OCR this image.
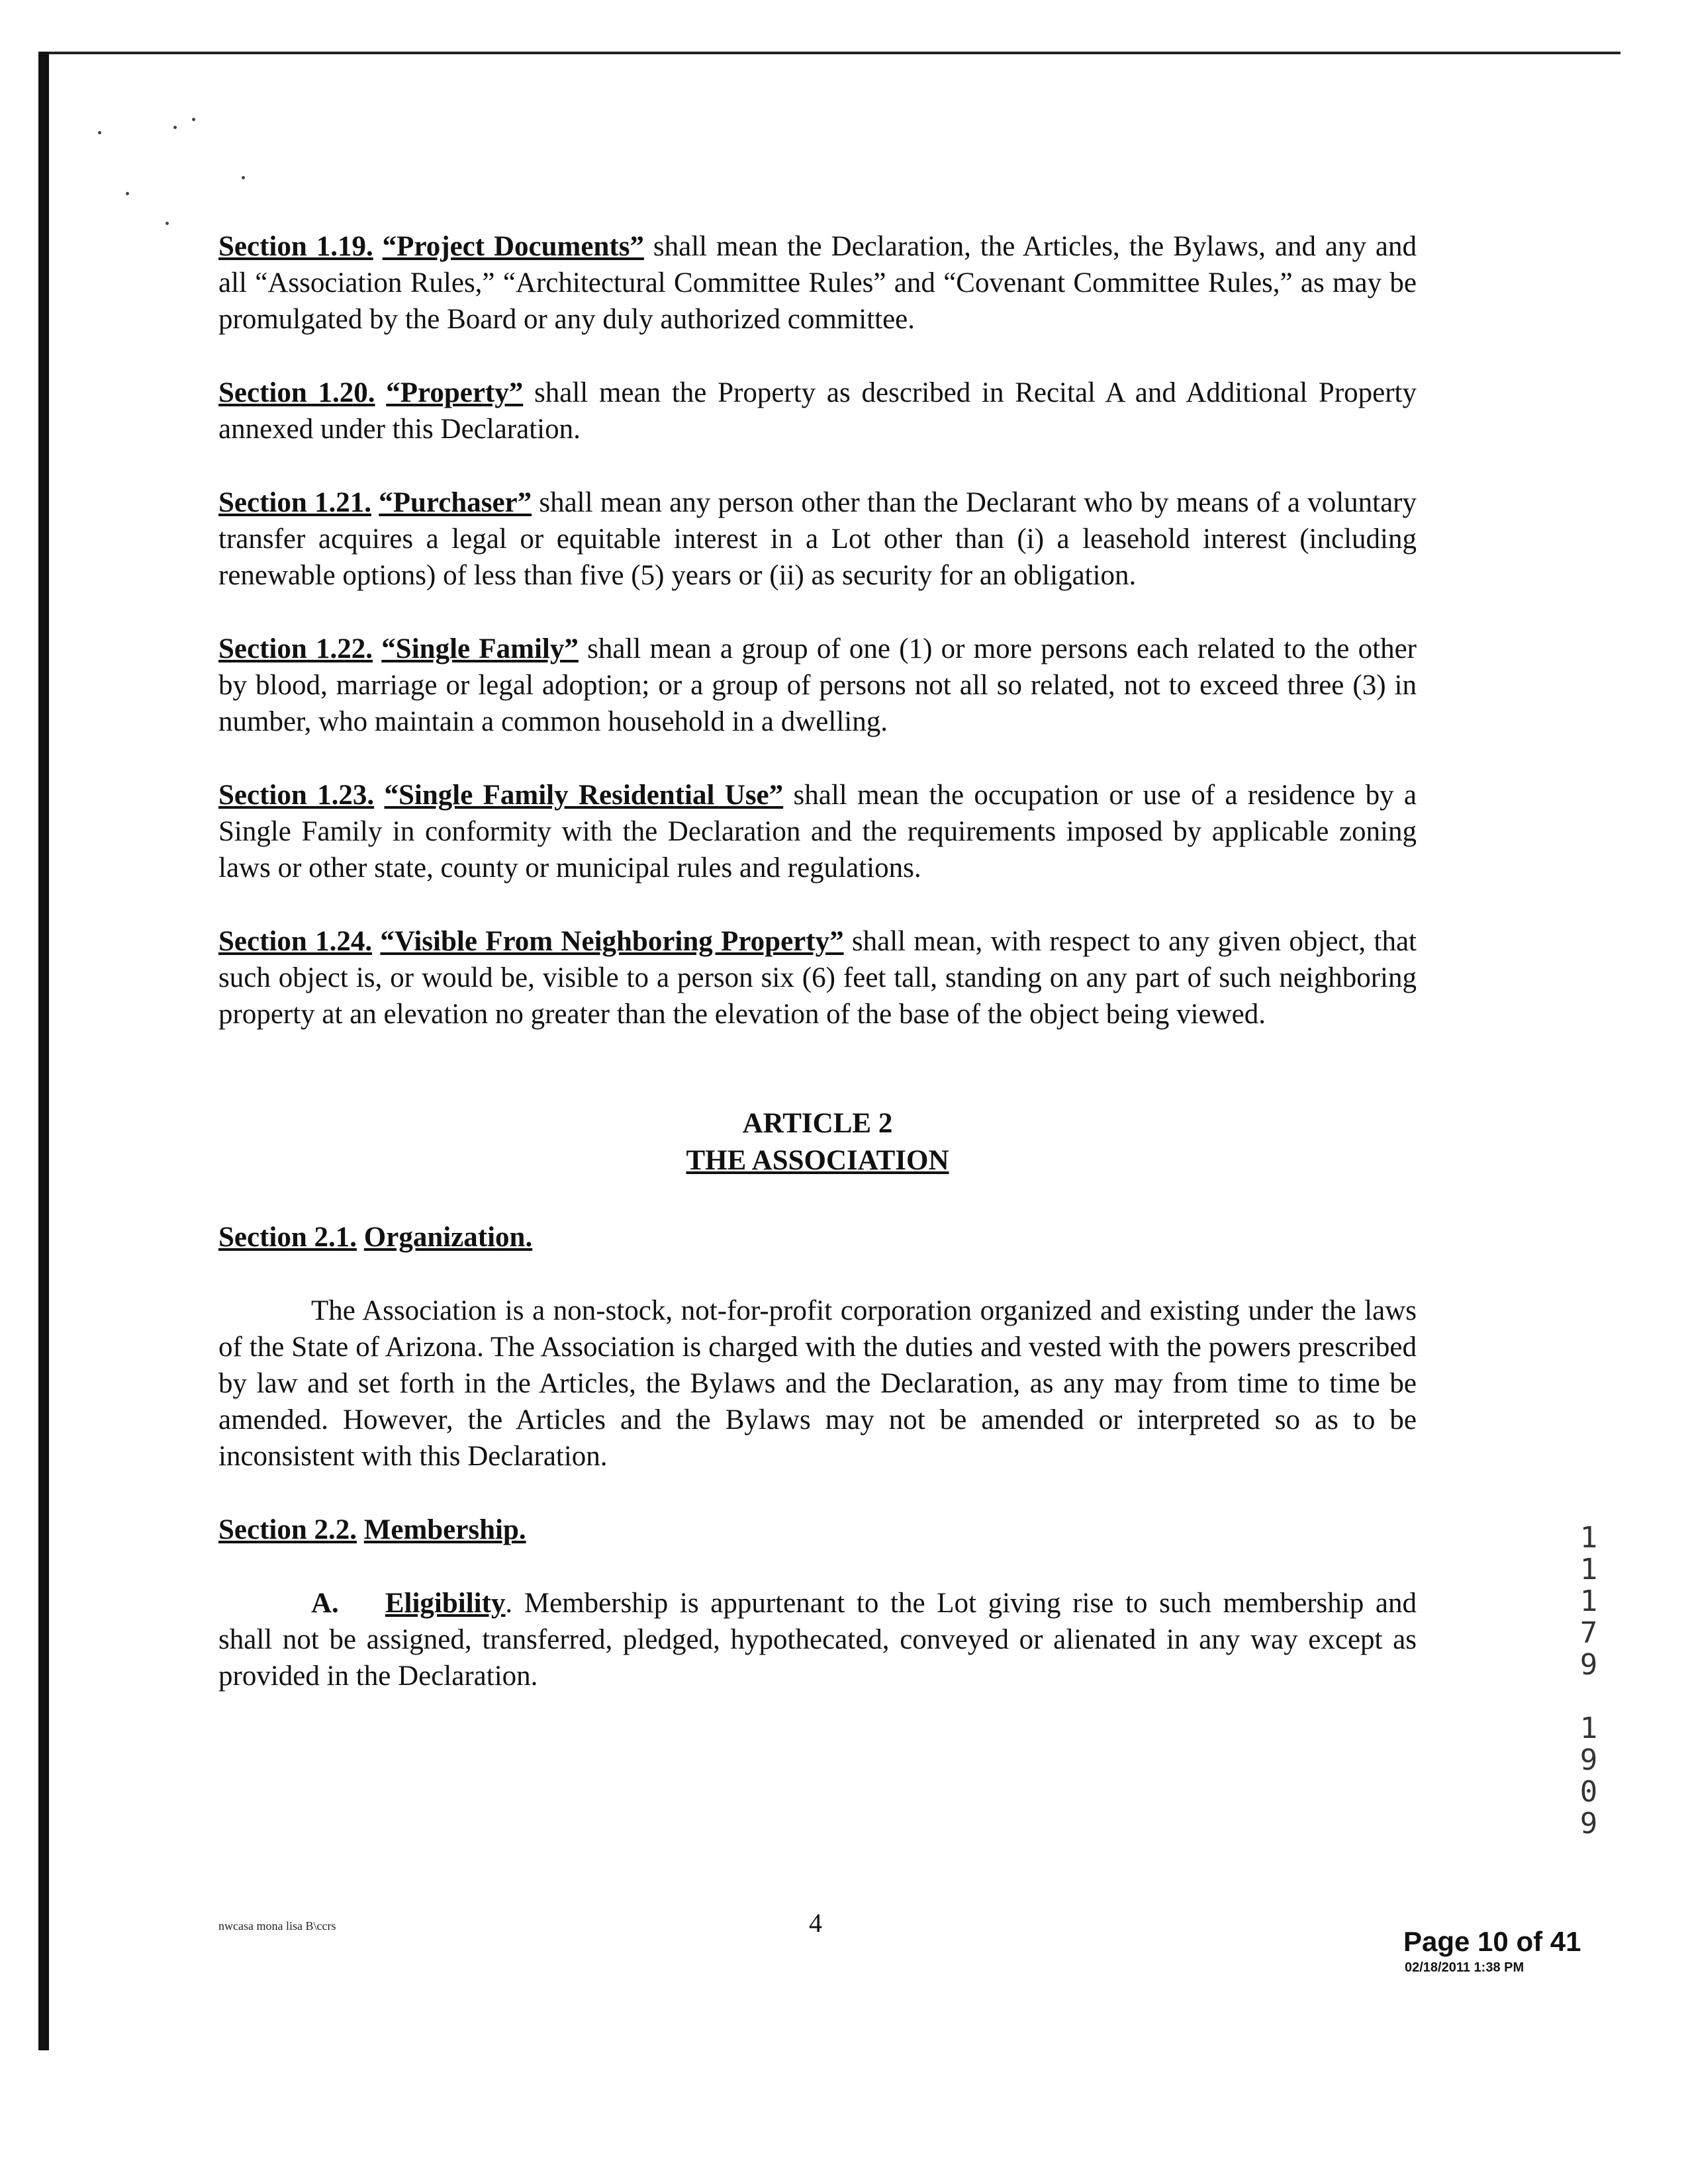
Section 1.19. “Project Documents” shall mean the Declaration, the Articles, the Bylaws, and any and all “Association Rules,” “Architectural Committee Rules” and “Covenant Committee Rules,” as may be promulgated by the Board or any duly authorized committee.

Section 1.20. “Property” shall mean the Property as described in Recital A and Additional Property annexed under this Declaration.

Section 1.21. “Purchaser” shall mean any person other than the Declarant who by means of a voluntary transfer acquires a legal or equitable interest in a Lot other than (i) a leasehold interest (including renewable options) of less than five (5) years or (ii) as security for an obligation.

Section 1.22. “Single Family” shall mean a group of one (1) or more persons each related to the other by blood, marriage or legal adoption; or a group of persons not all so related, not to exceed three (3) in number, who maintain a common household in a dwelling.

Section 1.23. “Single Family Residential Use” shall mean the occupation or use of a residence by a Single Family in conformity with the Declaration and the requirements imposed by applicable zoning laws or other state, county or municipal rules and regulations.

Section 1.24. “Visible From Neighboring Property” shall mean, with respect to any given object, that such object is, or would be, visible to a person six (6) feet tall, standing on any part of such neighboring property at an elevation no greater than the elevation of the base of the object being viewed.

ARTICLE 2
THE ASSOCIATION

Section 2.1. Organization.

The Association is a non-stock, not-for-profit corporation organized and existing under the laws of the State of Arizona. The Association is charged with the duties and vested with the powers prescribed by law and set forth in the Articles, the Bylaws and the Declaration, as any may from time to time be amended. However, the Articles and the Bylaws may not be amended or interpreted so as to be inconsistent with this Declaration.

Section 2.2. Membership.

A. Eligibility. Membership is appurtenant to the Lot giving rise to such membership and shall not be assigned, transferred, pledged, hypothecated, conveyed or alienated in any way except as provided in the Declaration.

1
1
1
7
9
1
9
0
9
nwcasa mona lisa B\ccrs	4
Page 10 of 41
02/18/2011 1:38 PM
